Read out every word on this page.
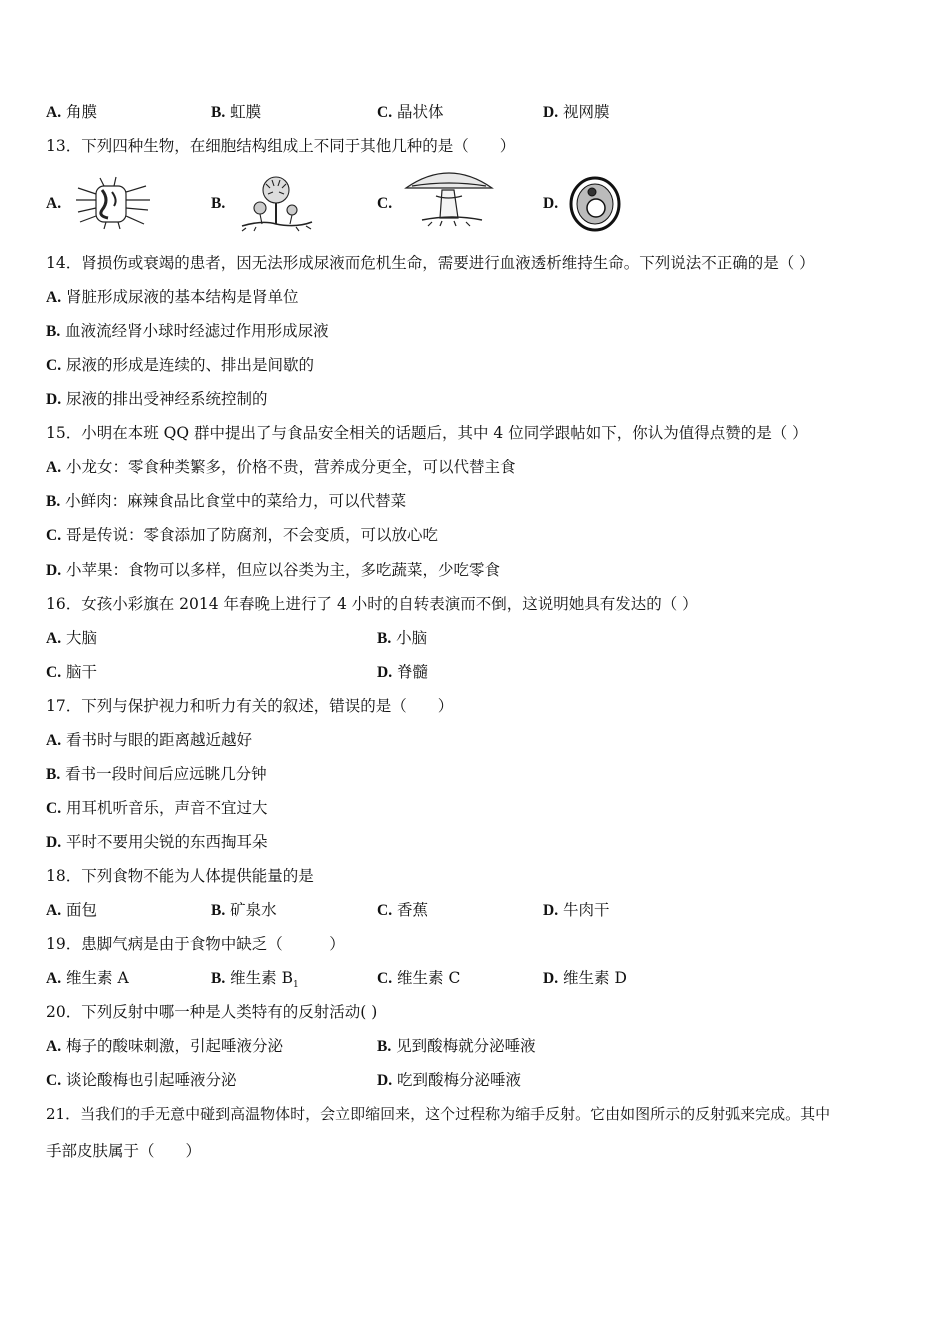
A. 角膜	B. 虹膜	C. 晶状体	D. 视网膜
13．下列四种生物，在细胞结构组成上不同于其他几种的是（　　）
A.	B.	C.	D.
14．肾损伤或衰竭的患者，因无法形成尿液而危机生命，需要进行血液透析维持生命。下列说法不正确的是（ ）
A. 肾脏形成尿液的基本结构是肾单位
B. 血液流经肾小球时经滤过作用形成尿液
C. 尿液的形成是连续的、排出是间歇的
D. 尿液的排出受神经系统控制的
15．小明在本班 QQ 群中提出了与食品安全相关的话题后，其中 4 位同学跟帖如下，你认为值得点赞的是（ ）
A. 小龙女：零食种类繁多，价格不贵，营养成分更全，可以代替主食
B. 小鲜肉：麻辣食品比食堂中的菜给力，可以代替菜
C. 哥是传说：零食添加了防腐剂，不会变质，可以放心吃
D. 小苹果：食物可以多样，但应以谷类为主，多吃蔬菜，少吃零食
16．女孩小彩旗在 2014 年春晚上进行了 4 小时的自转表演而不倒，这说明她具有发达的（ ）
A. 大脑	B. 小脑
C. 脑干	D. 脊髓
17．下列与保护视力和听力有关的叙述，错误的是（　　）
A. 看书时与眼的距离越近越好
B. 看书一段时间后应远眺几分钟
C. 用耳机听音乐，声音不宜过大
D. 平时不要用尖锐的东西掏耳朵
18．下列食物不能为人体提供能量的是
A. 面包	B. 矿泉水	C. 香蕉	D. 牛肉干
19．患脚气病是由于食物中缺乏（　　　）
A. 维生素 A	B. 维生素 $B_1$	C. 维生素 C	D. 维生素 D
20．下列反射中哪一种是人类特有的反射活动( )
A. 梅子的酸味刺激，引起唾液分泌	B. 见到酸梅就分泌唾液
C. 谈论酸梅也引起唾液分泌	D. 吃到酸梅分泌唾液
21．当我们的手无意中碰到高温物体时，会立即缩回来，这个过程称为缩手反射。它由如图所示的反射弧来完成。其中
手部皮肤属于（　　）
